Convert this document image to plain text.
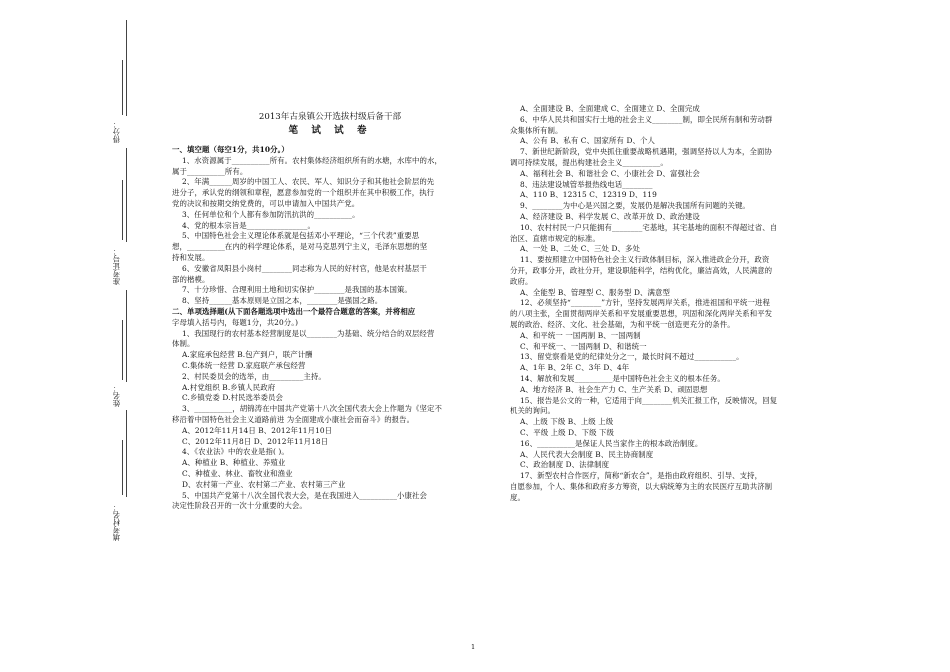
得分：
准考证号：
姓名：
填考村名：
2013年古泉镇公开选拔村级后备干部
笔 试 试 卷
一、填空题（每空1分，共10分。）
1、水资源属于__________所有。农村集体经济组织所有的水塘，水库中的水，
属于__________所有。
2、年满______周岁的中国工人、农民、军人、知识分子和其他社会阶层的先
进分子，承认党的纲领和章程，愿意参加党的一个组织并在其中积极工作，执行
党的决议和按期交纳党费的，可以申请加入中国共产党。
3、任何单位和个人都有参加防汛抗洪的__________。
4、党的根本宗旨是________________。
5、中国特色社会主义理论体系就是包括邓小平理论，“三个代表”重要思
想，__________在内的科学理论体系，是对马克思列宁主义，毛泽东思想的坚
持和发展。
6、安徽省凤阳县小岗村________同志称为人民的好村官，他是农村基层干
部的楷模。
7、十分珍惜、合理利用土地和切实保护________是我国的基本国策。
8、坚持______基本原则是立国之本，________是强国之路。
二、单项选择题(从下面各题选项中选出一个最符合题意的答案，并将相应
字母填入括号内，每题1分，共20分。)
1、我国现行的农村基本经营制度是以________为基础、统分结合的双层经营
体制。
A.家庭承包经营 B.包产到户，联产计酬
C.集体统一经营 D.家庭联产承包经营
2、村民委员会的选举，由_________主持。
A.村党组织 B.乡镇人民政府
C.乡镇党委 D.村民选举委员会
3、__________，胡锦涛在中国共产党第十八次全国代表大会上作题为《坚定不
移沿着中国特色社会主义道路前进 为全面建成小康社会而奋斗》的报告。
A、2012年11月14日 B、2012年11月10日
C、2012年11月8日 D、2012年11月18日
4、《农业法》中的农业是指( )。
A、种植业 B、种植业、养殖业
C、种植业、林业、畜牧业和渔业
D、农村第一产业、农村第二产业、农村第三产业
5、中国共产党第十八次全国代表大会，是在我国进入__________小康社会
决定性阶段召开的一次十分重要的大会。
A、全面建设 B、全面建成 C、全面建立 D、全面完成
6、中华人民共和国实行土地的社会主义________制，即全民所有制和劳动群
众集体所有制。
A、公有 B、私有 C、国家所有 D、个人
7、新世纪新阶段，党中央抓住重要战略机遇期，强调坚持以人为本，全面协
调可持续发展，提出构建社会主义__________。
A、福利社会 B、和谐社会 C、小康社会 D、富强社会
8、违法建设城管举报热线电话________
A、110 B、12315 C、12319 D、119
9、________为中心是兴国之要，发展仍是解决我国所有问题的关键。
A、经济建设 B、科学发展 C、改革开放 D、政治建设
10、农村村民一户只能拥有________宅基地，其宅基地的面积不得超过省、自
治区、直辖市规定的标准。
A、一处 B、二处 C、三处 D、多处
11、要按照建立中国特色社会主义行政体制目标，深入推进政企分开，政资
分开，政事分开，政社分开，建设职能科学，结构优化，廉洁高效，人民满意的
政府。
A、全能型 B、管理型 C、服务型 D、满意型
12、必须坚持“________”方针，坚持发展两岸关系，推进祖国和平统一进程
的八项主张，全面贯彻两岸关系和平发展重要思想，巩固和深化两岸关系和平发
展的政治、经济、文化、社会基础，为和平统一创造更充分的条件。
A、和平统一 一国两制 B、一国两制
C、和平统一、一国两制 D、和谐统一
13、留党察看是党的纪律处分之一，最长时间不超过___________。
A、1年 B、2年 C、3年 D、4年
14、解放和发展__________是中国特色社会主义的根本任务。
A、地方经济 B、社会生产力 C、生产关系 D、顽固思想
15、报告是公文的一种，它适用于向________机关汇报工作，反映情况，回复
机关的询问。
A、上级 下级 B、上级 上级
C、平级 上级 D、下级 下级
16、__________是保证人民当家作主的根本政治制度。
A、人民代表大会制度 B、民主协商制度
C、政治制度 D、法律制度
17、新型农村合作医疗，简称“新农合”，是指由政府组织、引导、支持，
自愿参加，个人、集体和政府多方筹资，以大病统筹为主的农民医疗互助共济制
度。
1
